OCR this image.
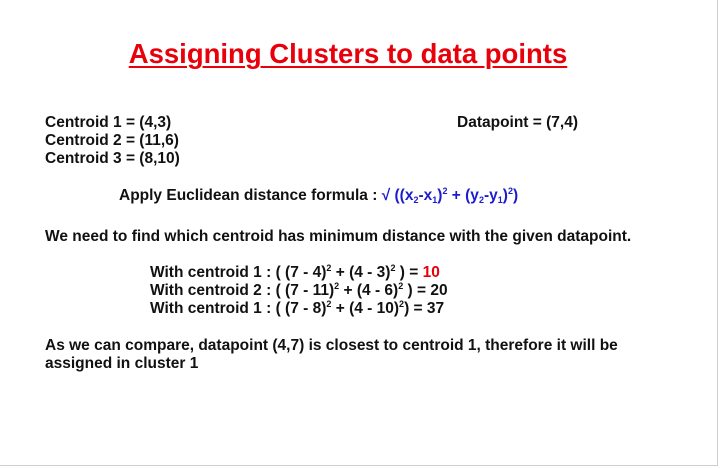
Assigning Clusters to data points
Centroid 1 = (4,3)
Centroid 2 = (11,6)
Centroid 3 = (8,10)
Datapoint = (7,4)
Apply Euclidean distance formula : √ $((x_2-x_1)^2 + (y_2-y_1)^2)$
We need to find which centroid has minimum distance with the given datapoint.
With centroid 1 : ( (7 - 4)$^2$ + (4 - 3)$^2$ ) = 10
With centroid 2 : ( (7 - 11)$^2$ + (4 - 6)$^2$ ) = 20
With centroid 1 : ( (7 - 8)$^2$ + (4 - 10)$^2$) = 37
As we can compare, datapoint (4,7) is closest to centroid 1, therefore it will be assigned in cluster 1
